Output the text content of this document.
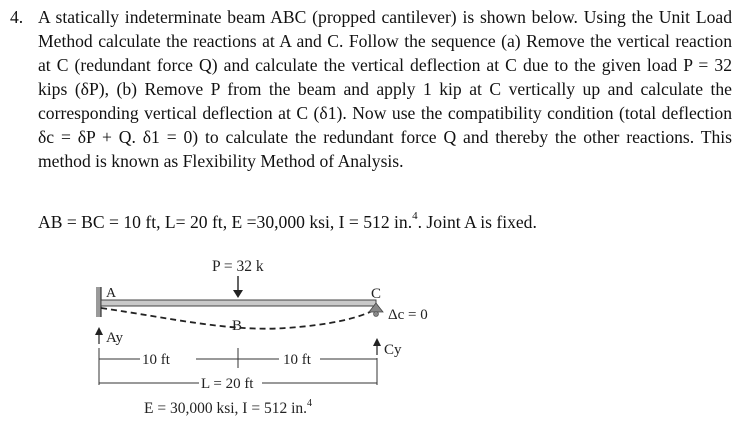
4. A statically indeterminate beam ABC (propped cantilever) is shown below. Using the Unit Load Method calculate the reactions at A and C. Follow the sequence (a) Remove the vertical reaction at C (redundant force Q) and calculate the vertical deflection at C due to the given load P = 32 kips (δP), (b) Remove P from the beam and apply 1 kip at C vertically up and calculate the corresponding vertical deflection at C (δ1). Now use the compatibility condition (total deflection δc = δP + Q. δ1 = 0) to calculate the redundant force Q and thereby the other reactions. This method is known as Flexibility Method of Analysis.

AB = BC = 10 ft, L= 20 ft, E =30,000 ksi, I = 512 in.$^4$. Joint A is fixed.
P = 32 k
A
B
C
Δc = 0
Ay
Cy
10 ft	10 ft
L = 20 ft
E = 30,000 ksi, I = 512 in.$^4$
